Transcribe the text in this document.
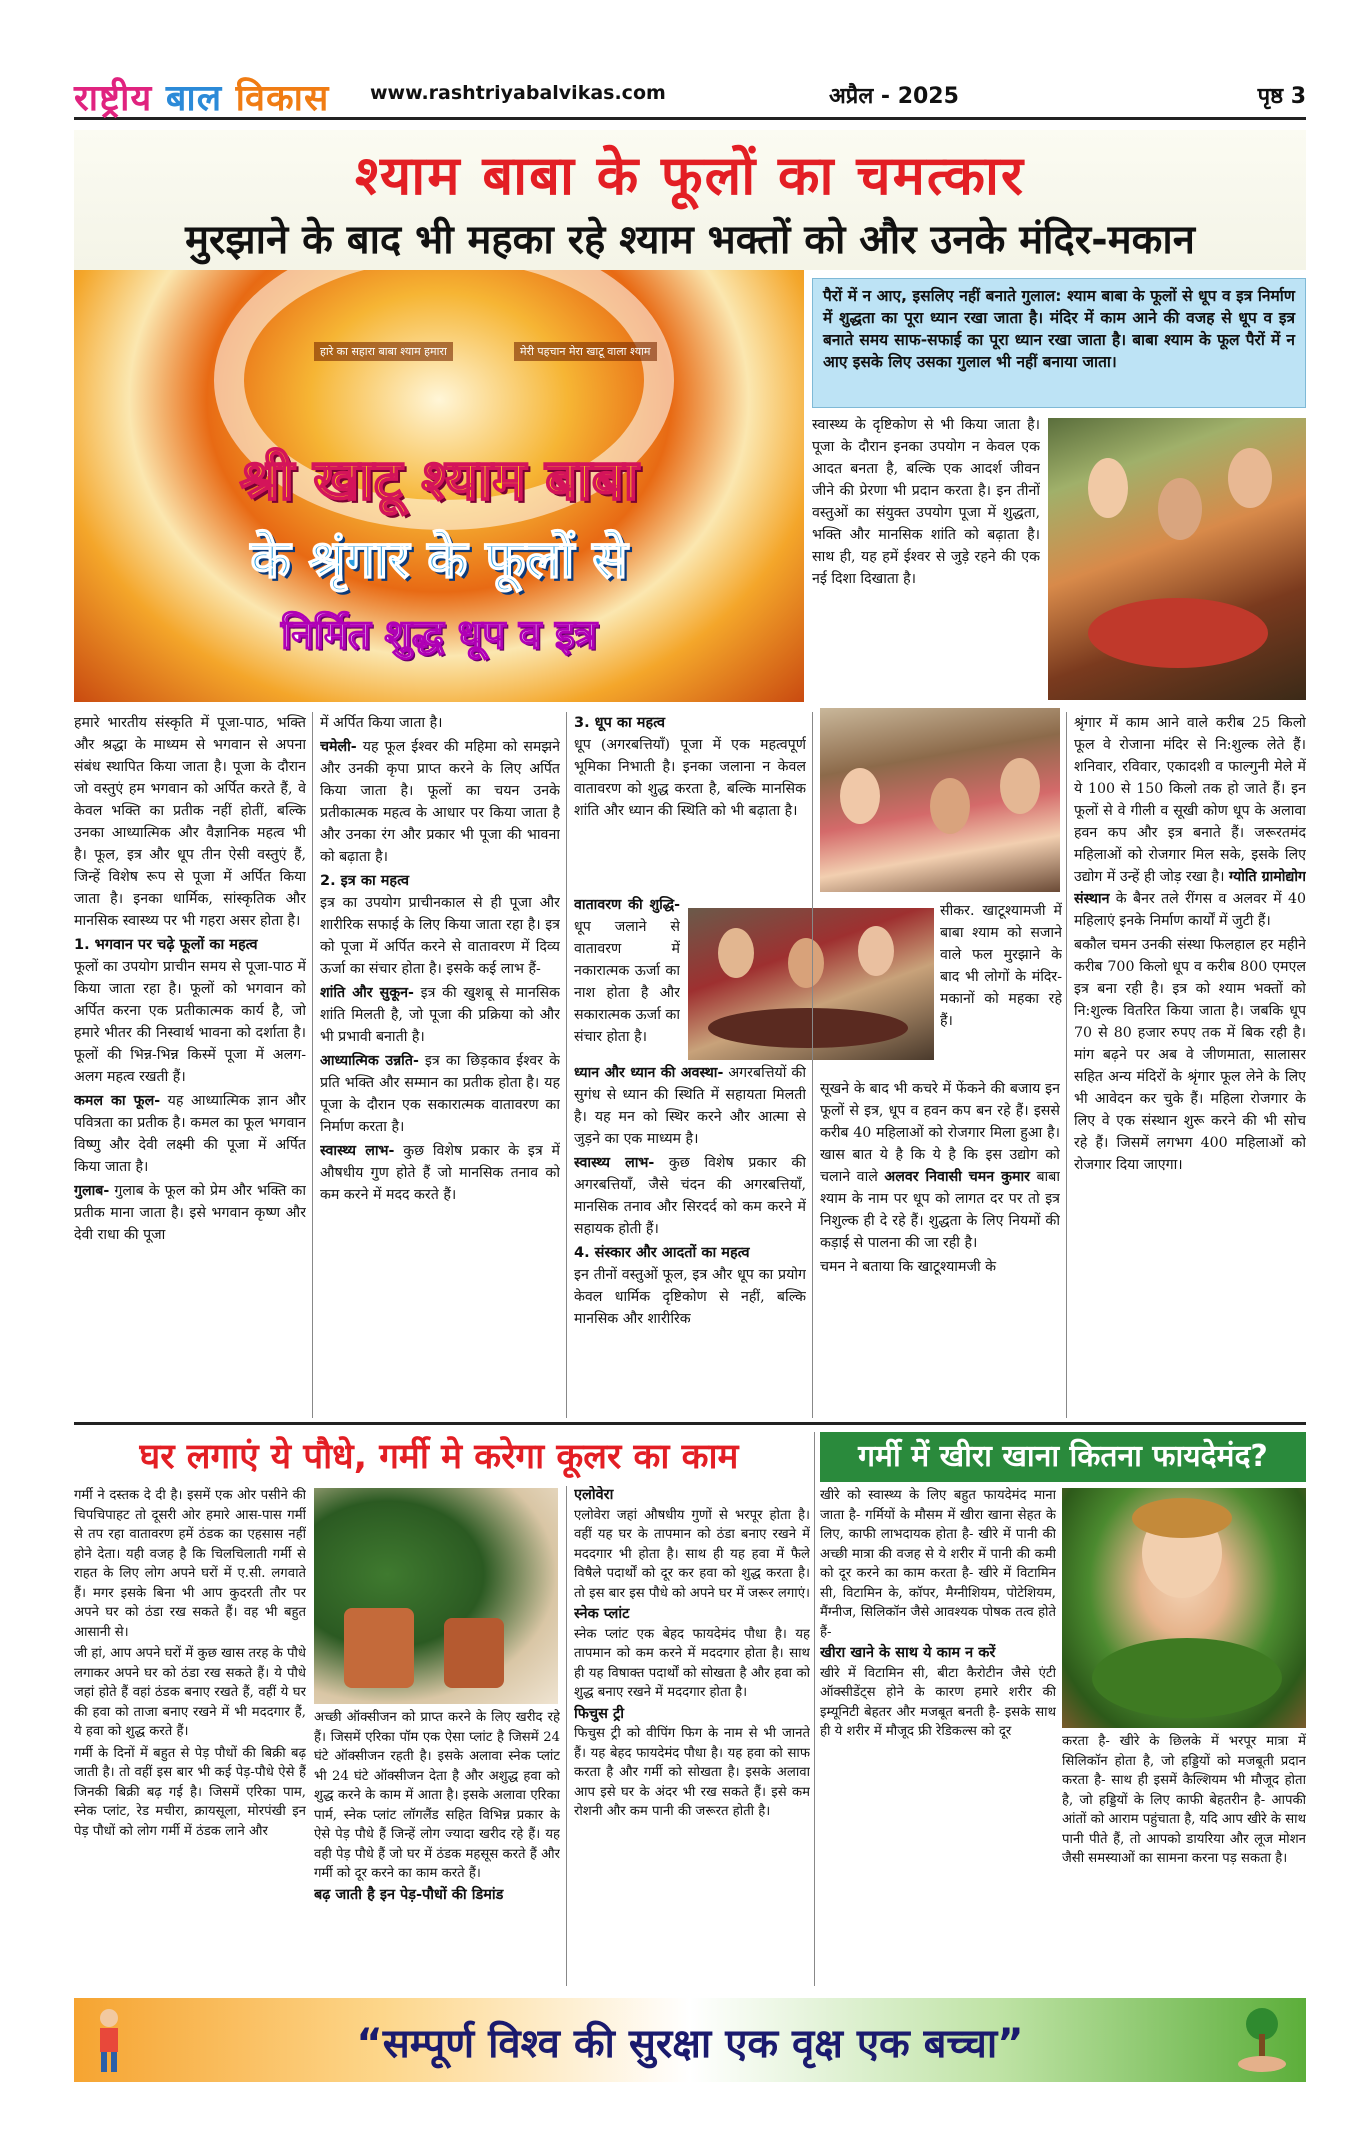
राष्ट्रीय बाल विकास www.rashtriyabalvikas.com	अप्रैल - 2025	पृष्ठ 3
श्याम बाबा के फूलों का चमत्कार
मुरझाने के बाद भी महका रहे श्याम भक्तों को और उनके मंदिर-मकान
हारे का सहारा बाबा श्याम हमारा	मेरी पहचान मेरा खाटू वाला श्याम
श्री खाटू श्याम बाबा
के श्रृंगार के फूलों से
निर्मित शुद्ध धूप व इत्र
पैरों में न आए, इसलिए नहीं बनाते गुलाल: श्याम बाबा के फूलों से धूप व इत्र निर्माण में शुद्धता का पूरा ध्यान रखा जाता है। मंदिर में काम आने की वजह से धूप व इत्र बनाते समय साफ-सफाई का पूरा ध्यान रखा जाता है। बाबा श्याम के फूल पैरों में न आए इसके लिए उसका गुलाल भी नहीं बनाया जाता।

स्वास्थ्य के दृष्टिकोण से भी किया जाता है। पूजा के दौरान इनका उपयोग न केवल एक आदत बनता है, बल्कि एक आदर्श जीवन जीने की प्रेरणा भी प्रदान करता है। इन तीनों वस्तुओं का संयुक्त उपयोग पूजा में शुद्धता, भक्ति और मानसिक शांति को बढ़ाता है। साथ ही, यह हमें ईश्वर से जुड़े रहने की एक नई दिशा दिखाता है।

हमारे भारतीय संस्कृति में पूजा-पाठ, भक्ति और श्रद्धा के माध्यम से भगवान से अपना संबंध स्थापित किया जाता है। पूजा के दौरान जो वस्तुएं हम भगवान को अर्पित करते हैं, वे केवल भक्ति का प्रतीक नहीं होतीं, बल्कि उनका आध्यात्मिक और वैज्ञानिक महत्व भी है। फूल, इत्र और धूप तीन ऐसी वस्तुएं हैं, जिन्हें विशेष रूप से पूजा में अर्पित किया जाता है। इनका धार्मिक, सांस्कृतिक और मानसिक स्वास्थ्य पर भी गहरा असर होता है।

1. भगवान पर चढ़े फूलों का महत्व

फूलों का उपयोग प्राचीन समय से पूजा-पाठ में किया जाता रहा है। फूलों को भगवान को अर्पित करना एक प्रतीकात्मक कार्य है, जो हमारे भीतर की निस्वार्थ भावना को दर्शाता है। फूलों की भिन्न-भिन्न किस्में पूजा में अलग- अलग महत्व रखती हैं।

कमल का फूल- यह आध्यात्मिक ज्ञान और पवित्रता का प्रतीक है। कमल का फूल भगवान विष्णु और देवी लक्ष्मी की पूजा में अर्पित किया जाता है।

गुलाब- गुलाब के फूल को प्रेम और भक्ति का प्रतीक माना जाता है। इसे भगवान कृष्ण और देवी राधा की पूजा

में अर्पित किया जाता है।

चमेली- यह फूल ईश्वर की महिमा को समझने और उनकी कृपा प्राप्त करने के लिए अर्पित किया जाता है। फूलों का चयन उनके प्रतीकात्मक महत्व के आधार पर किया जाता है और उनका रंग और प्रकार भी पूजा की भावना को बढ़ाता है।

2. इत्र का महत्व

इत्र का उपयोग प्राचीनकाल से ही पूजा और शारीरिक सफाई के लिए किया जाता रहा है। इत्र को पूजा में अर्पित करने से वातावरण में दिव्य ऊर्जा का संचार होता है। इसके कई लाभ हैं-

शांति और सुकून- इत्र की खुशबू से मानसिक शांति मिलती है, जो पूजा की प्रक्रिया को और भी प्रभावी बनाती है।

आध्यात्मिक उन्नति- इत्र का छिड़काव ईश्वर के प्रति भक्ति और सम्मान का प्रतीक होता है। यह पूजा के दौरान एक सकारात्मक वातावरण का निर्माण करता है।

स्वास्थ्य लाभ- कुछ विशेष प्रकार के इत्र में औषधीय गुण होते हैं जो मानसिक तनाव को कम करने में मदद करते हैं।

3. धूप का महत्व

धूप (अगरबत्तियाँ) पूजा में एक महत्वपूर्ण भूमिका निभाती है। इनका जलाना न केवल वातावरण को शुद्ध करता है, बल्कि मानसिक शांति और ध्यान की स्थिति को भी बढ़ाता है।

वातावरण की शुद्धि- धूप जलाने से वातावरण में नकारात्मक ऊर्जा का नाश होता है और सकारात्मक ऊर्जा का संचार होता है।

ध्यान और ध्यान की अवस्था- अगरबत्तियों की सुगंध से ध्यान की स्थिति में सहायता मिलती है। यह मन को स्थिर करने और आत्मा से जुड़ने का एक माध्यम है।

स्वास्थ्य लाभ- कुछ विशेष प्रकार की अगरबत्तियाँ, जैसे चंदन की अगरबत्तियाँ, मानसिक तनाव और सिरदर्द को कम करने में सहायक होती हैं।

4. संस्कार और आदतों का महत्व

इन तीनों वस्तुओं फूल, इत्र और धूप का प्रयोग केवल धार्मिक दृष्टिकोण से नहीं, बल्कि मानसिक और शारीरिक

सीकर. खाटूश्यामजी में बाबा श्याम को सजाने वाले फल मुरझाने के बाद भी लोगों के मंदिर-मकानों को महका रहे हैं।

सूखने के बाद भी कचरे में फेंकने की बजाय इन फूलों से इत्र, धूप व हवन कप बन रहे हैं। इससे करीब 40 महिलाओं को रोजगार मिला हुआ है। खास बात ये है कि ये है कि इस उद्योग को चलाने वाले अलवर निवासी चमन कुमार बाबा श्याम के नाम पर धूप को लागत दर पर तो इत्र निशुल्क ही दे रहे हैं। शुद्धता के लिए नियमों की कड़ाई से पालना की जा रही है।

चमन ने बताया कि खाटूश्यामजी के

श्रृंगार में काम आने वाले करीब 25 किलो फूल वे रोजाना मंदिर से नि:शुल्क लेते हैं। शनिवार, रविवार, एकादशी व फाल्गुनी मेले में ये 100 से 150 किलो तक हो जाते हैं। इन फूलों से वे गीली व सूखी कोण धूप के अलावा हवन कप और इत्र बनाते हैं। जरूरतमंद महिलाओं को रोजगार मिल सके, इसके लिए उद्योग में उन्हें ही जोड़ रखा है। ग्योति ग्रामोद्योग संस्थान के बैनर तले रींगस व अलवर में 40 महिलाएं इनके निर्माण कार्यों में जुटी हैं।

बकौल चमन उनकी संस्था फिलहाल हर महीने करीब 700 किलो धूप व करीब 800 एमएल इत्र बना रही है। इत्र को श्याम भक्तों को नि:शुल्क वितरित किया जाता है। जबकि धूप 70 से 80 हजार रुपए तक में बिक रही है। मांग बढ़ने पर अब वे जीणमाता, सालासर सहित अन्य मंदिरों के श्रृंगार फूल लेने के लिए भी आवेदन कर चुके हैं। महिला रोजगार के लिए वे एक संस्थान शुरू करने की भी सोच रहे हैं। जिसमें लगभग 400 महिलाओं को रोजगार दिया जाएगा।

घर लगाएं ये पौधे, गर्मी मे करेगा कूलर का काम

गर्मी ने दस्तक दे दी है। इसमें एक ओर पसीने की चिपचिपाहट तो दूसरी ओर हमारे आस-पास गर्मी से तप रहा वातावरण हमें ठंडक का एहसास नहीं होने देता। यही वजह है कि चिलचिलाती गर्मी से राहत के लिए लोग अपने घरों में ए.सी. लगवाते हैं। मगर इसके बिना भी आप कुदरती तौर पर अपने घर को ठंडा रख सकते हैं। वह भी बहुत आसानी से।

जी हां, आप अपने घरों में कुछ खास तरह के पौधे लगाकर अपने घर को ठंडा रख सकते हैं। ये पौधे जहां होते हैं वहां ठंडक बनाए रखते हैं, वहीं ये घर की हवा को ताजा बनाए रखने में भी मददगार हैं, ये हवा को शुद्ध करते हैं।

गर्मी के दिनों में बहुत से पेड़ पौधों की बिक्री बढ़ जाती है। तो वहीं इस बार भी कई पेड़-पौधे ऐसे हैं जिनकी बिक्री बढ़ गई है। जिसमें एरिका पाम, स्नेक प्लांट, रेड मचीरा, क्रायसूला, मोरपंखी इन पेड़ पौधों को लोग गर्मी में ठंडक लाने और

अच्छी ऑक्सीजन को प्राप्त करने के लिए खरीद रहे हैं। जिसमें एरिका पॉम एक ऐसा प्लांट है जिसमें 24 घंटे ऑक्सीजन रहती है। इसके अलावा स्नेक प्लांट भी 24 घंटे ऑक्सीजन देता है और अशुद्ध हवा को शुद्ध करने के काम में आता है। इसके अलावा एरिका पार्म, स्नेक प्लांट लॉगलैंड सहित विभिन्न प्रकार के ऐसे पेड़ पौधे हैं जिन्हें लोग ज्यादा खरीद रहे हैं। यह वही पेड़ पौधे हैं जो घर में ठंडक महसूस करते हैं और गर्मी को दूर करने का काम करते हैं।

बढ़ जाती है इन पेड़-पौधों की डिमांड
एलोवेरा

एलोवेरा जहां औषधीय गुणों से भरपूर होता है। वहीं यह घर के तापमान को ठंडा बनाए रखने में मददगार भी होता है। साथ ही यह हवा में फैले विषैले पदार्थों को दूर कर हवा को शुद्ध करता है। तो इस बार इस पौधे को अपने घर में जरूर लगाएं।

स्नेक प्लांट

स्नेक प्लांट एक बेहद फायदेमंद पौधा है। यह तापमान को कम करने में मददगार होता है। साथ ही यह विषाक्त पदार्थों को सोखता है और हवा को शुद्ध बनाए रखने में मददगार होता है।

फिचुस ट्री

फिचुस ट्री को वीपिंग फिग के नाम से भी जानते हैं। यह बेहद फायदेमंद पौधा है। यह हवा को साफ करता है और गर्मी को सोखता है। इसके अलावा आप इसे घर के अंदर भी रख सकते हैं। इसे कम रोशनी और कम पानी की जरूरत होती है।

गर्मी में खीरा खाना कितना फायदेमंद?

खीरे को स्वास्थ्य के लिए बहुत फायदेमंद माना जाता है- गर्मियों के मौसम में खीरा खाना सेहत के लिए, काफी लाभदायक होता है- खीरे में पानी की अच्छी मात्रा की वजह से ये शरीर में पानी की कमी को दूर करने का काम करता है- खीरे में विटामिन सी, विटामिन के, कॉपर, मैग्नीशियम, पोटेशियम, मैंग्नीज, सिलिकॉन जैसे आवश्यक पोषक तत्व होते हैं-

खीरा खाने के साथ ये काम न करें

खीरे में विटामिन सी, बीटा कैरोटीन जैसे एंटी ऑक्सीडेंट्स होने के कारण हमारे शरीर की इम्यूनिटी बेहतर और मजबूत बनती है- इसके साथ ही ये शरीर में मौजूद फ्री रेडिकल्स को दूर

करता है- खीरे के छिलके में भरपूर मात्रा में सिलिकॉन होता है, जो हड्डियों को मजबूती प्रदान करता है- साथ ही इसमें कैल्शियम भी मौजूद होता है, जो हड्डियों के लिए काफी बेहतरीन है- आपकी आंतों को आराम पहुंचाता है, यदि आप खीरे के साथ पानी पीते हैं, तो आपको डायरिया और लूज मोशन जैसी समस्याओं का सामना करना पड़ सकता है।

“सम्पूर्ण विश्व की सुरक्षा एक वृक्ष एक बच्चा”
